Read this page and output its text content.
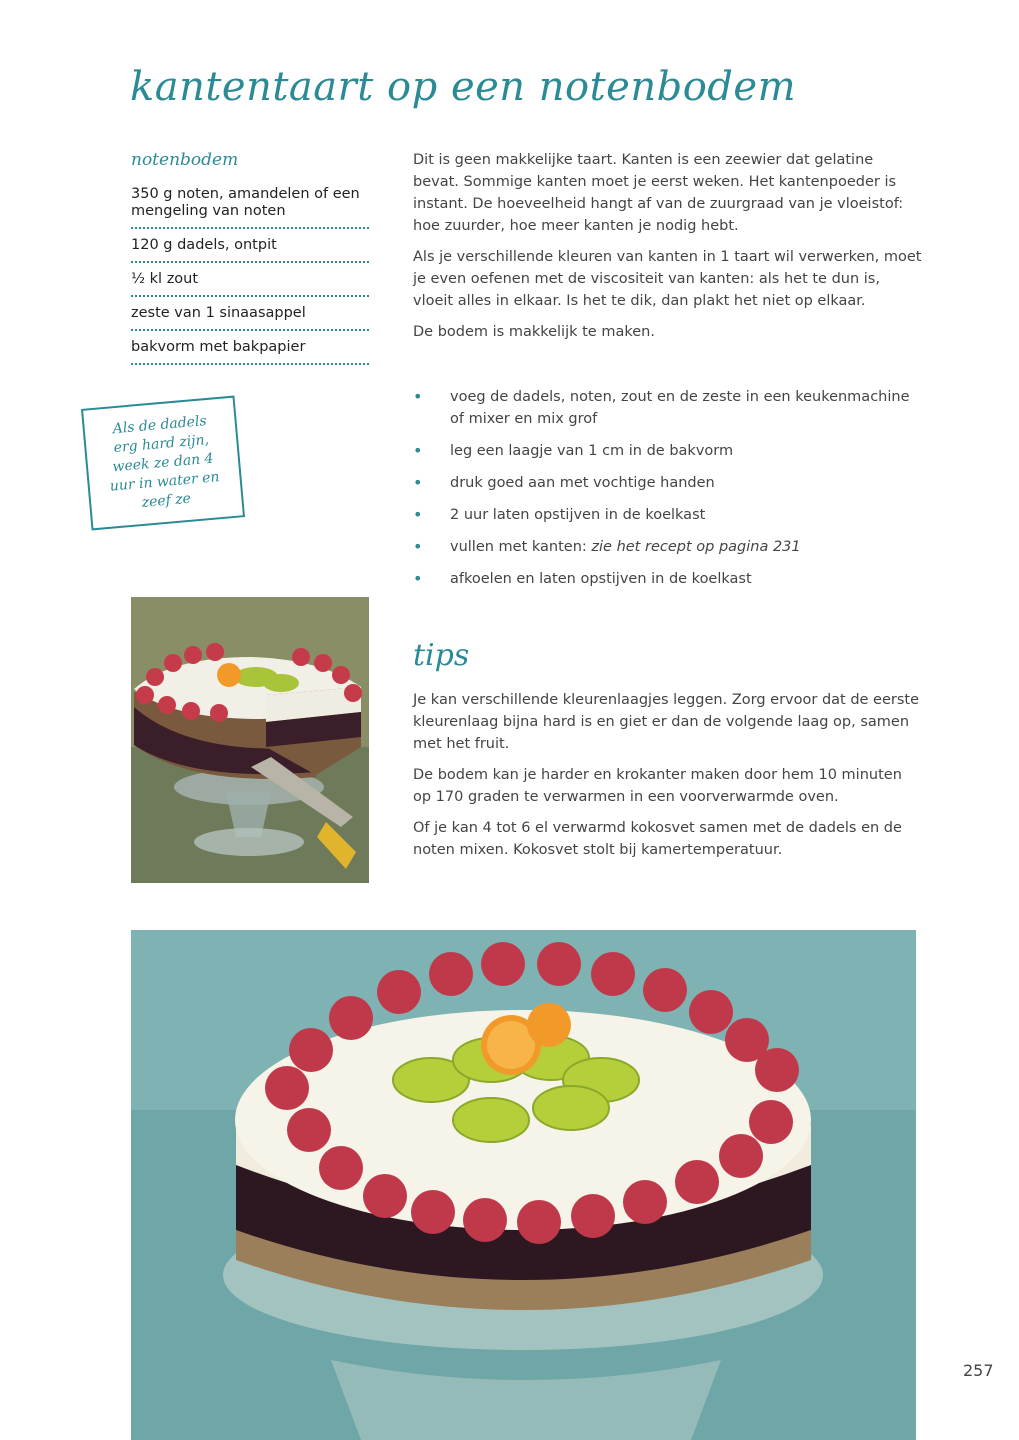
kantentaart op een notenbodem
notenbodem
350 g noten, amandelen of een mengeling van noten
120 g dadels, ontpit
½ kl zout
zeste van 1 sinaasappel
bakvorm met bakpapier
Als de dadels erg hard zijn, week ze dan 4 uur in water en zeef ze

Dit is geen makkelijke taart. Kanten is een zeewier dat gelatine bevat. Sommige kanten moet je eerst weken. Het kantenpoeder is instant. De hoeveelheid hangt af van de zuurgraad van je vloeistof: hoe zuurder, hoe meer kanten je nodig hebt.

Als je verschillende kleuren van kanten in 1 taart wil verwerken, moet je even oefenen met de viscositeit van kanten: als het te dun is, vloeit alles in elkaar. Is het te dik, dan plakt het niet op elkaar.

De bodem is makkelijk te maken.

• voeg de dadels, noten, zout en de zeste in een keukenmachine of mixer en mix grof
• leg een laagje van 1 cm in de bakvorm
• druk goed aan met vochtige handen
• 2 uur laten opstijven in de koelkast
• vullen met kanten: zie het recept op pagina 231
• afkoelen en laten opstijven in de koelkast
tips

Je kan verschillende kleurenlaagjes leggen. Zorg ervoor dat de eerste kleurenlaag bijna hard is en giet er dan de volgende laag op, samen met het fruit.

De bodem kan je harder en krokanter maken door hem 10 minuten op 170 graden te verwarmen in een voorverwarmde oven.

Of je kan 4 tot 6 el verwarmd kokosvet samen met de dadels en de noten mixen. Kokosvet stolt bij kamertemperatuur.

257
